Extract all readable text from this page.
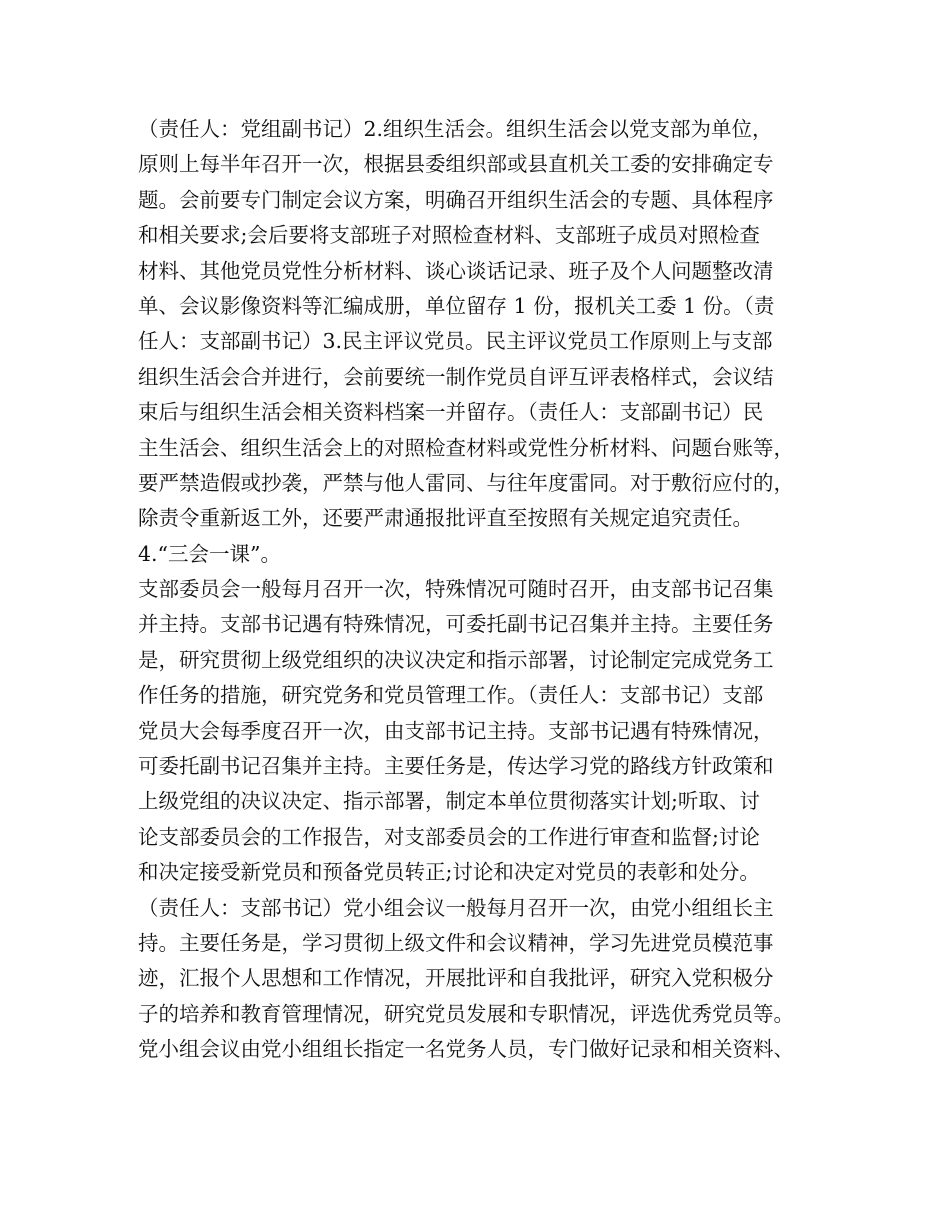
（责任人：党组副书记）2.组织生活会。组织生活会以党支部为单位，
原则上每半年召开一次，根据县委组织部或县直机关工委的安排确定专
题。会前要专门制定会议方案，明确召开组织生活会的专题、具体程序
和相关要求;会后要将支部班子对照检查材料、支部班子成员对照检查
材料、其他党员党性分析材料、谈心谈话记录、班子及个人问题整改清
单、会议影像资料等汇编成册，单位留存 1 份，报机关工委 1 份。（责
任人：支部副书记）3.民主评议党员。民主评议党员工作原则上与支部
组织生活会合并进行，会前要统一制作党员自评互评表格样式，会议结
束后与组织生活会相关资料档案一并留存。（责任人：支部副书记）民
主生活会、组织生活会上的对照检查材料或党性分析材料、问题台账等，
要严禁造假或抄袭，严禁与他人雷同、与往年度雷同。对于敷衍应付的，
除责令重新返工外，还要严肃通报批评直至按照有关规定追究责任。
4.“三会一课”。
支部委员会一般每月召开一次，特殊情况可随时召开，由支部书记召集
并主持。支部书记遇有特殊情况，可委托副书记召集并主持。主要任务
是，研究贯彻上级党组织的决议决定和指示部署，讨论制定完成党务工
作任务的措施，研究党务和党员管理工作。（责任人：支部书记）支部
党员大会每季度召开一次，由支部书记主持。支部书记遇有特殊情况，
可委托副书记召集并主持。主要任务是，传达学习党的路线方针政策和
上级党组的决议决定、指示部署，制定本单位贯彻落实计划;听取、讨
论支部委员会的工作报告，对支部委员会的工作进行审查和监督;讨论
和决定接受新党员和预备党员转正;讨论和决定对党员的表彰和处分。
（责任人：支部书记）党小组会议一般每月召开一次，由党小组组长主
持。主要任务是，学习贯彻上级文件和会议精神，学习先进党员模范事
迹，汇报个人思想和工作情况，开展批评和自我批评，研究入党积极分
子的培养和教育管理情况，研究党员发展和专职情况，评选优秀党员等。
党小组会议由党小组组长指定一名党务人员，专门做好记录和相关资料、
